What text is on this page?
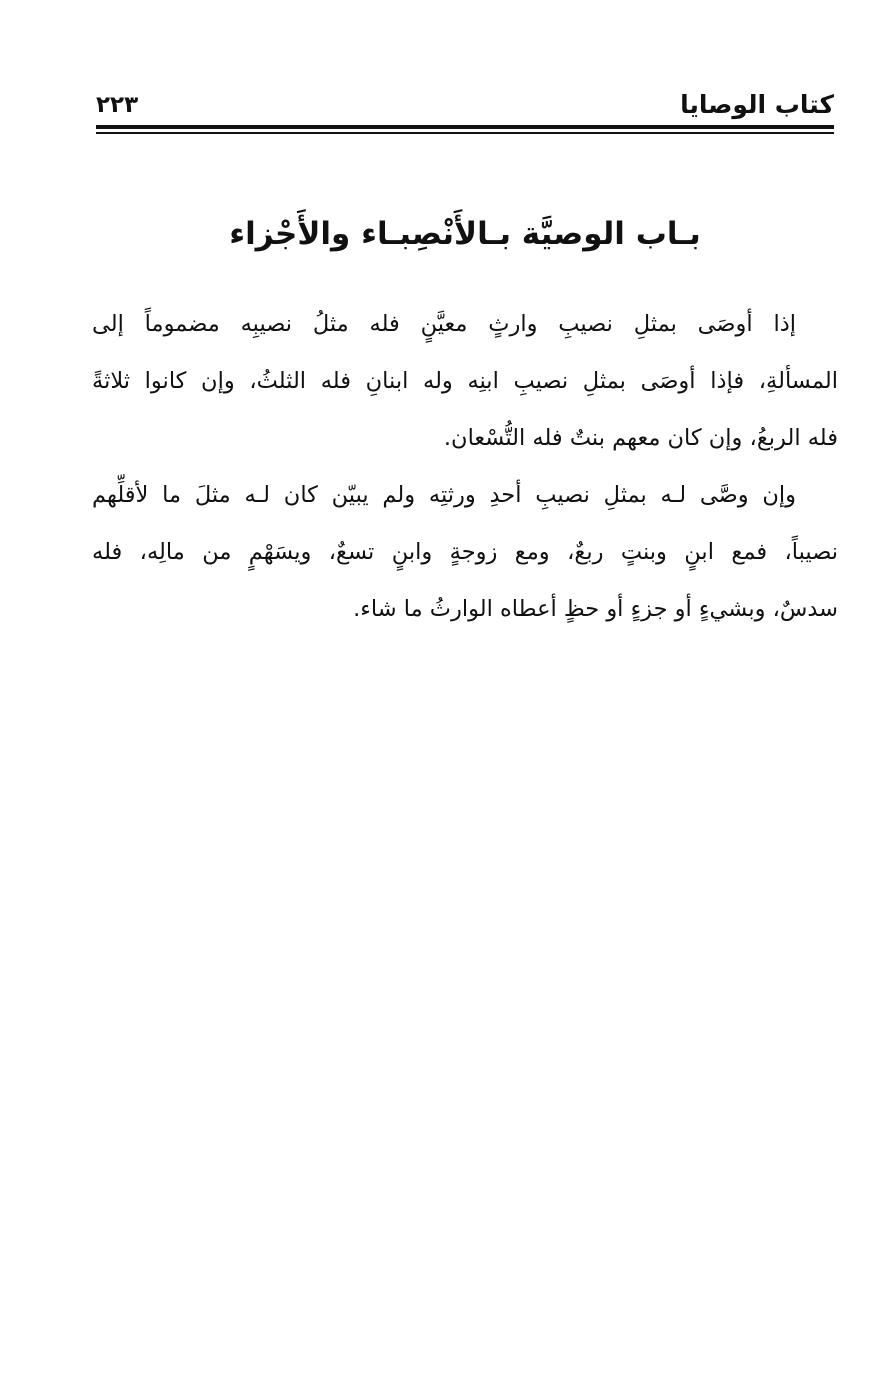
كتاب الوصايا
٢٢٣
بـاب الوصيَّة بـالأَنْصِبـاء والأَجْزاء
إذا أوصَى بمثلِ نصيبِ وارثٍ معيَّنٍ فله مثلُ نصيبِه مضموماً إلى
المسألةِ، فإذا أوصَى بمثلِ نصيبِ ابنِه وله ابنانِ فله الثلثُ، وإن كانوا ثلاثةً
فله الربعُ، وإن كان معهم بنتٌ فله التُّسْعان.
وإن وصَّى لـه بمثلِ نصيبِ أحدِ ورثتِه ولم يبيّن كان لـه مثلَ ما لأقلِّهم
نصيباً، فمع ابنٍ وبنتٍ ربعٌ، ومع زوجةٍ وابنٍ تسعٌ، ويسَهْمٍ من مالِه، فله
سدسٌ، وبشيءٍ أو جزءٍ أو حظٍ أعطاه الوارثُ ما شاء.
